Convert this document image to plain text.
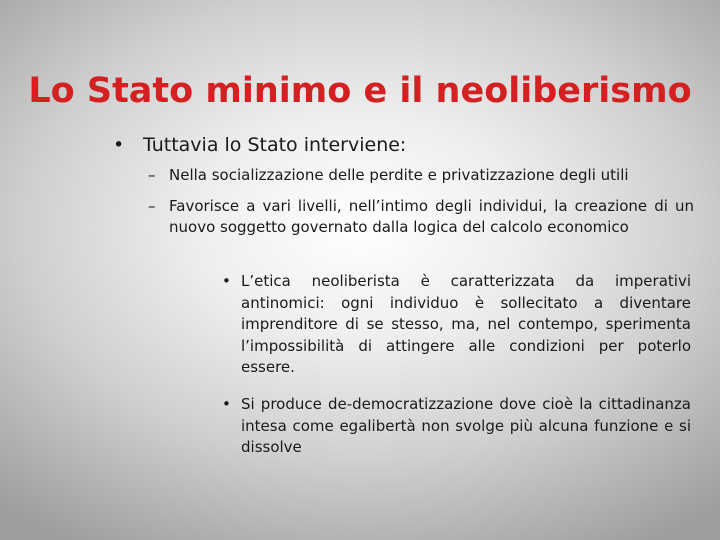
Lo Stato minimo e il neoliberismo
• Tuttavia lo Stato interviene:
– Nella socializzazione delle perdite e privatizzazione degli utili
– Favorisce a vari livelli, nell’intimo degli individui, la creazione di un nuovo soggetto governato dalla logica del calcolo economico
• L’etica neoliberista è caratterizzata da imperativi antinomici: ogni individuo è sollecitato a diventare imprenditore di se stesso, ma, nel contempo, sperimenta l’impossibilità di attingere alle condizioni per poterlo essere.
• Si produce de-democratizzazione dove cioè la cittadinanza intesa come egalibertà non svolge più alcuna funzione e si dissolve
